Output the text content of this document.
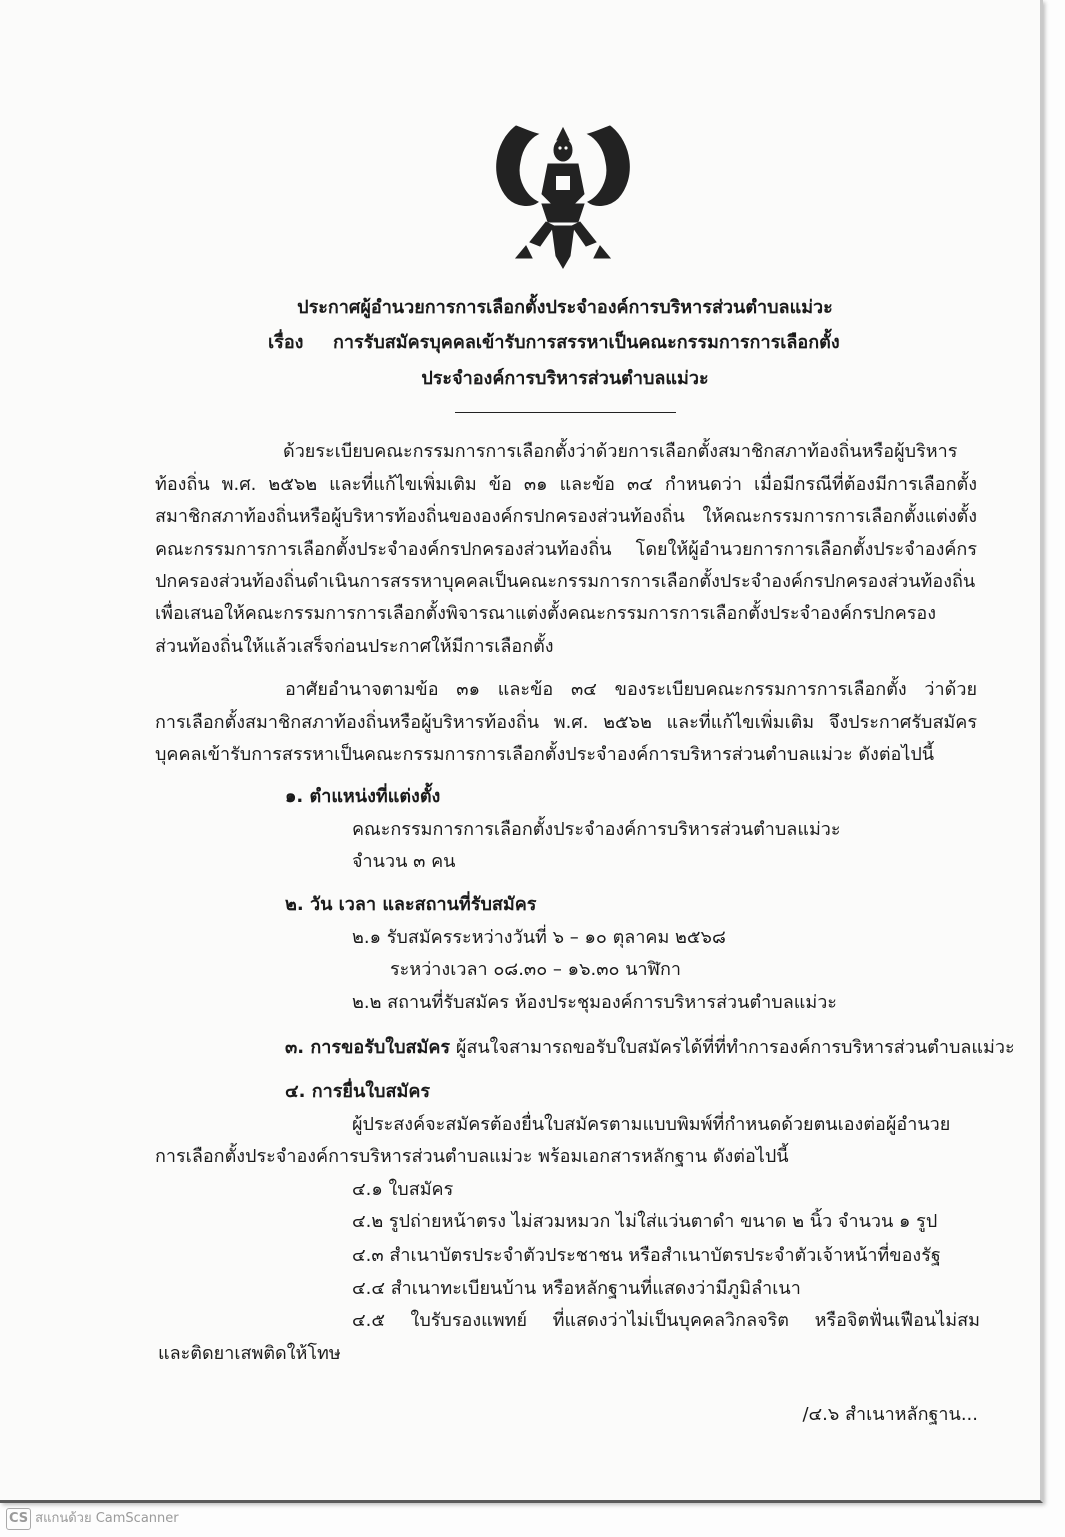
ประกาศผู้อำนวยการการเลือกตั้งประจำองค์การบริหารส่วนตำบลแม่วะ
เรื่อง การรับสมัครบุคคลเข้ารับการสรรหาเป็นคณะกรรมการการเลือกตั้ง
ประจำองค์การบริหารส่วนตำบลแม่วะ
ด้วยระเบียบคณะกรรมการการเลือกตั้งว่าด้วยการเลือกตั้งสมาชิกสภาท้องถิ่นหรือผู้บริหาร
ท้องถิ่น พ.ศ. ๒๕๖๒ และที่แก้ไขเพิ่มเติม ข้อ ๓๑ และข้อ ๓๔ กำหนดว่า เมื่อมีกรณีที่ต้องมีการเลือกตั้ง
สมาชิกสภาท้องถิ่นหรือผู้บริหารท้องถิ่นขององค์กรปกครองส่วนท้องถิ่น ให้คณะกรรมการการเลือกตั้งแต่งตั้ง
คณะกรรมการการเลือกตั้งประจำองค์กรปกครองส่วนท้องถิ่น โดยให้ผู้อำนวยการการเลือกตั้งประจำองค์กร
ปกครองส่วนท้องถิ่นดำเนินการสรรหาบุคคลเป็นคณะกรรมการการเลือกตั้งประจำองค์กรปกครองส่วนท้องถิ่น
เพื่อเสนอให้คณะกรรมการการเลือกตั้งพิจารณาแต่งตั้งคณะกรรมการการเลือกตั้งประจำองค์กรปกครอง
ส่วนท้องถิ่นให้แล้วเสร็จก่อนประกาศให้มีการเลือกตั้ง
อาศัยอำนาจตามข้อ ๓๑ และข้อ ๓๔ ของระเบียบคณะกรรมการการเลือกตั้ง ว่าด้วย
การเลือกตั้งสมาชิกสภาท้องถิ่นหรือผู้บริหารท้องถิ่น พ.ศ. ๒๕๖๒ และที่แก้ไขเพิ่มเติม จึงประกาศรับสมัคร
บุคคลเข้ารับการสรรหาเป็นคณะกรรมการการเลือกตั้งประจำองค์การบริหารส่วนตำบลแม่วะ ดังต่อไปนี้
๑. ตำแหน่งที่แต่งตั้ง
คณะกรรมการการเลือกตั้งประจำองค์การบริหารส่วนตำบลแม่วะ
จำนวน ๓ คน
๒. วัน เวลา และสถานที่รับสมัคร
๒.๑ รับสมัครระหว่างวันที่ ๖ – ๑๐ ตุลาคม ๒๕๖๘
ระหว่างเวลา ๐๘.๓๐ – ๑๖.๓๐ นาฬิกา
๒.๒ สถานที่รับสมัคร ห้องประชุมองค์การบริหารส่วนตำบลแม่วะ
๓. การขอรับใบสมัคร ผู้สนใจสามารถขอรับใบสมัครได้ที่ที่ทำการองค์การบริหารส่วนตำบลแม่วะ
๔. การยื่นใบสมัคร
ผู้ประสงค์จะสมัครต้องยื่นใบสมัครตามแบบพิมพ์ที่กำหนดด้วยตนเองต่อผู้อำนวย
การเลือกตั้งประจำองค์การบริหารส่วนตำบลแม่วะ พร้อมเอกสารหลักฐาน ดังต่อไปนี้
๔.๑ ใบสมัคร
๔.๒ รูปถ่ายหน้าตรง ไม่สวมหมวก ไม่ใส่แว่นตาดำ ขนาด ๒ นิ้ว จำนวน ๑ รูป
๔.๓ สำเนาบัตรประจำตัวประชาชน หรือสำเนาบัตรประจำตัวเจ้าหน้าที่ของรัฐ
๔.๔ สำเนาทะเบียนบ้าน หรือหลักฐานที่แสดงว่ามีภูมิลำเนา
๔.๕ ใบรับรองแพทย์ ที่แสดงว่าไม่เป็นบุคคลวิกลจริต หรือจิตฟั่นเฟือนไม่สม
และติดยาเสพติดให้โทษ
/๔.๖ สำเนาหลักฐาน...
CS สแกนด้วย CamScanner
